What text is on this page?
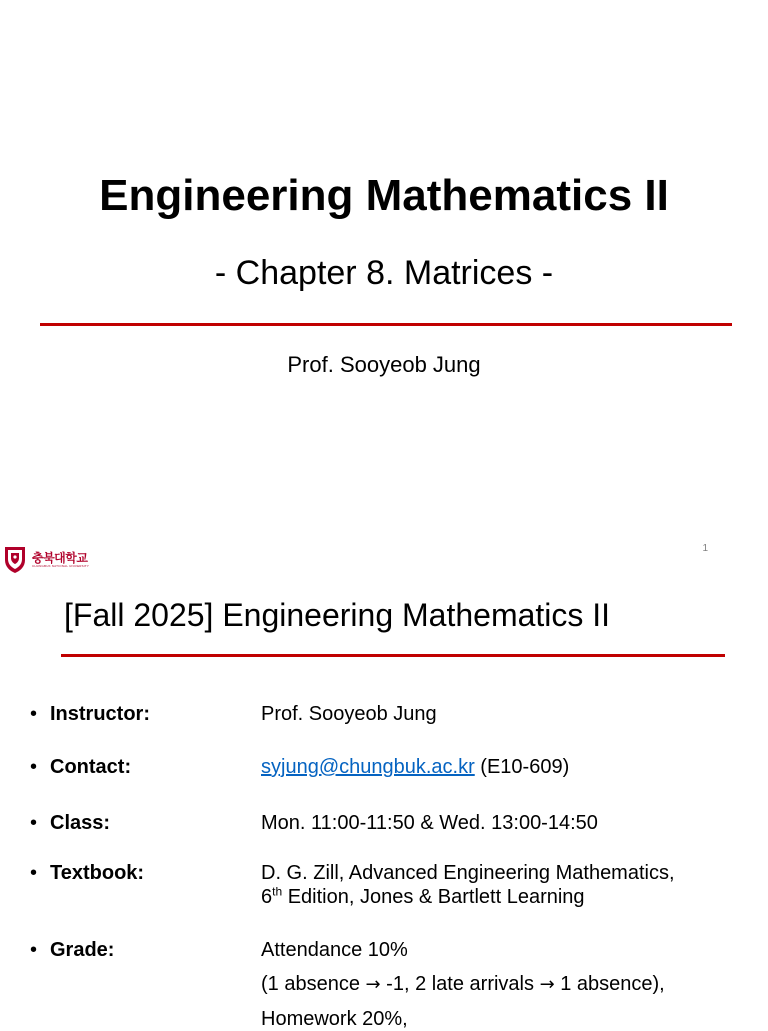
Engineering Mathematics II
- Chapter 8. Matrices -
Prof. Sooyeob Jung
1
충북대학교
CHUNGBUK NATIONAL UNIVERSITY
[Fall 2025] Engineering Mathematics II
• Instructor:	Prof. Sooyeob Jung
• Contact:	syjung@chungbuk.ac.kr (E10-609)
• Class:	Mon. 11:00-11:50 & Wed. 13:00-14:50
• Textbook:	D. G. Zill, Advanced Engineering Mathematics,
6th Edition, Jones & Bartlett Learning
• Grade:	Attendance 10%
(1 absence → -1, 2 late arrivals → 1 absence),
Homework 20%,
